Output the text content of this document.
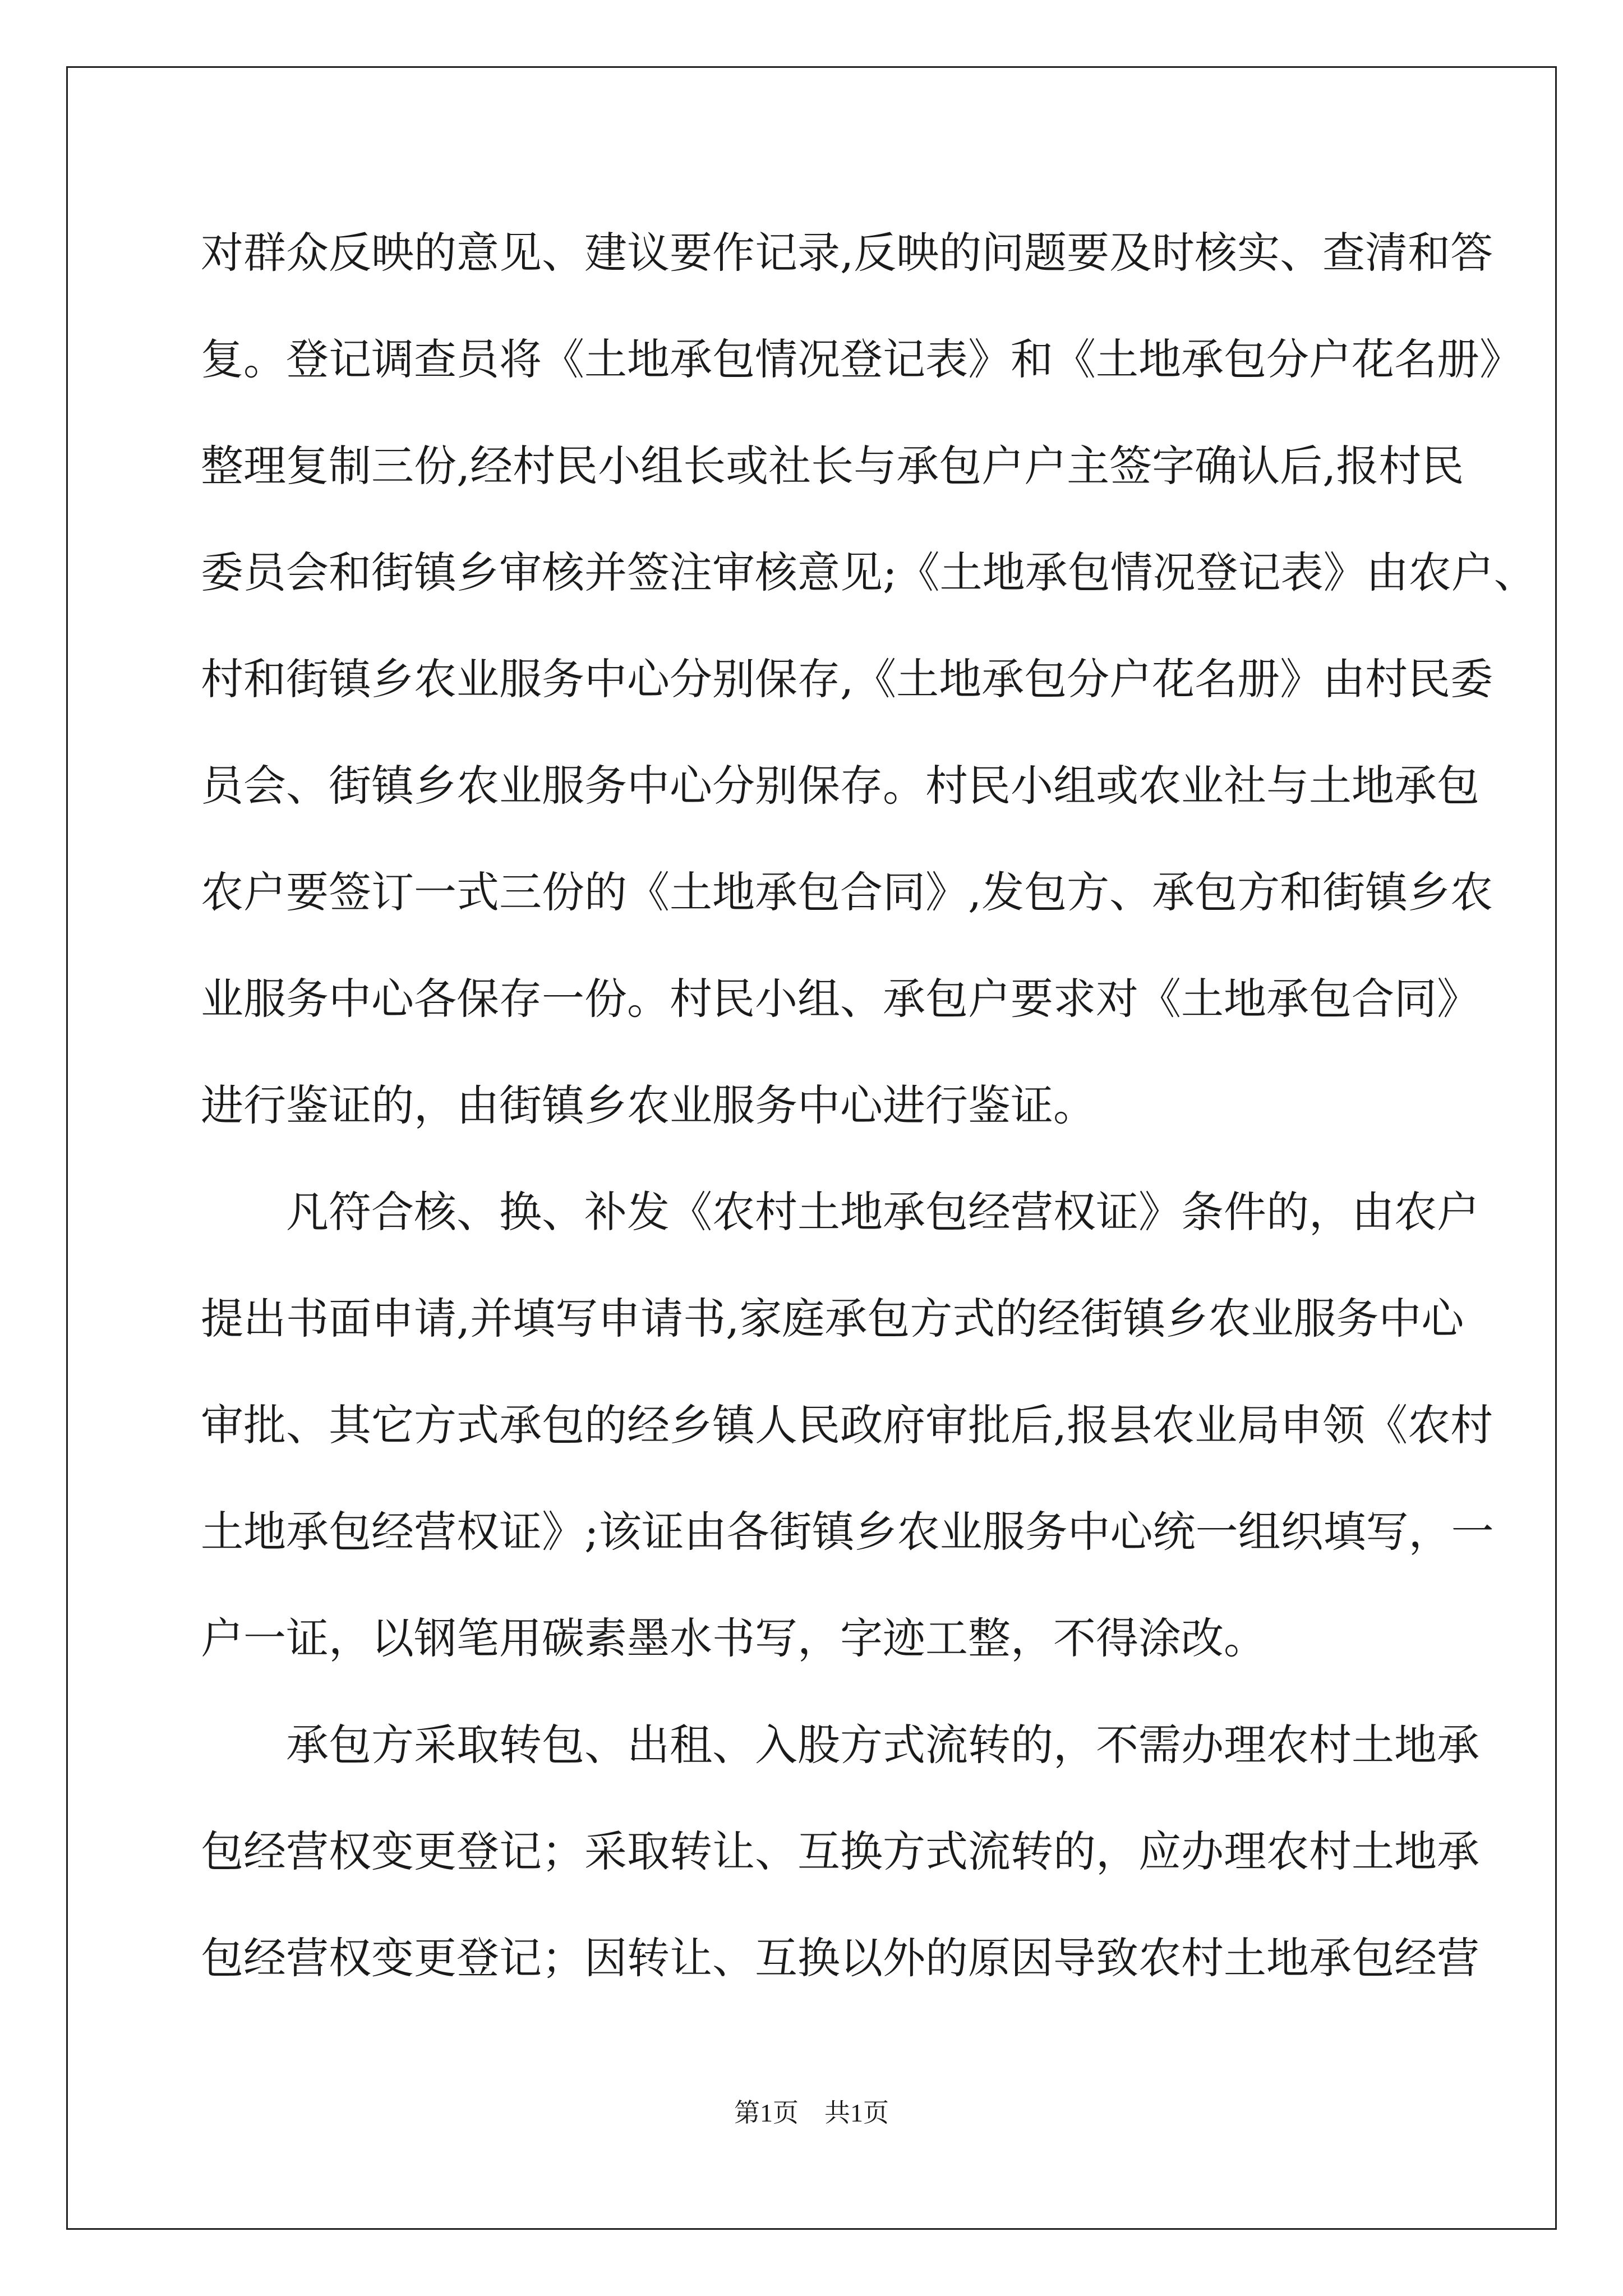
对群众反映的意见、建议要作记录,反映的问题要及时核实、查清和答
复。登记调查员将《土地承包情况登记表》和《土地承包分户花名册》
整理复制三份,经村民小组长或社长与承包户户主签字确认后,报村民
委员会和街镇乡审核并签注审核意见;《土地承包情况登记表》由农户、
村和街镇乡农业服务中心分别保存,《土地承包分户花名册》由村民委
员会、街镇乡农业服务中心分别保存。村民小组或农业社与土地承包
农户要签订一式三份的《土地承包合同》,发包方、承包方和街镇乡农
业服务中心各保存一份。村民小组、承包户要求对《土地承包合同》
进行鉴证的，由街镇乡农业服务中心进行鉴证。
凡符合核、换、补发《农村土地承包经营权证》条件的，由农户
提出书面申请,并填写申请书,家庭承包方式的经街镇乡农业服务中心
审批、其它方式承包的经乡镇人民政府审批后,报县农业局申领《农村
土地承包经营权证》;该证由各街镇乡农业服务中心统一组织填写，一
户一证，以钢笔用碳素墨水书写，字迹工整，不得涂改。
承包方采取转包、出租、入股方式流转的，不需办理农村土地承
包经营权变更登记；采取转让、互换方式流转的，应办理农村土地承
包经营权变更登记；因转让、互换以外的原因导致农村土地承包经营
第1页 共1页
